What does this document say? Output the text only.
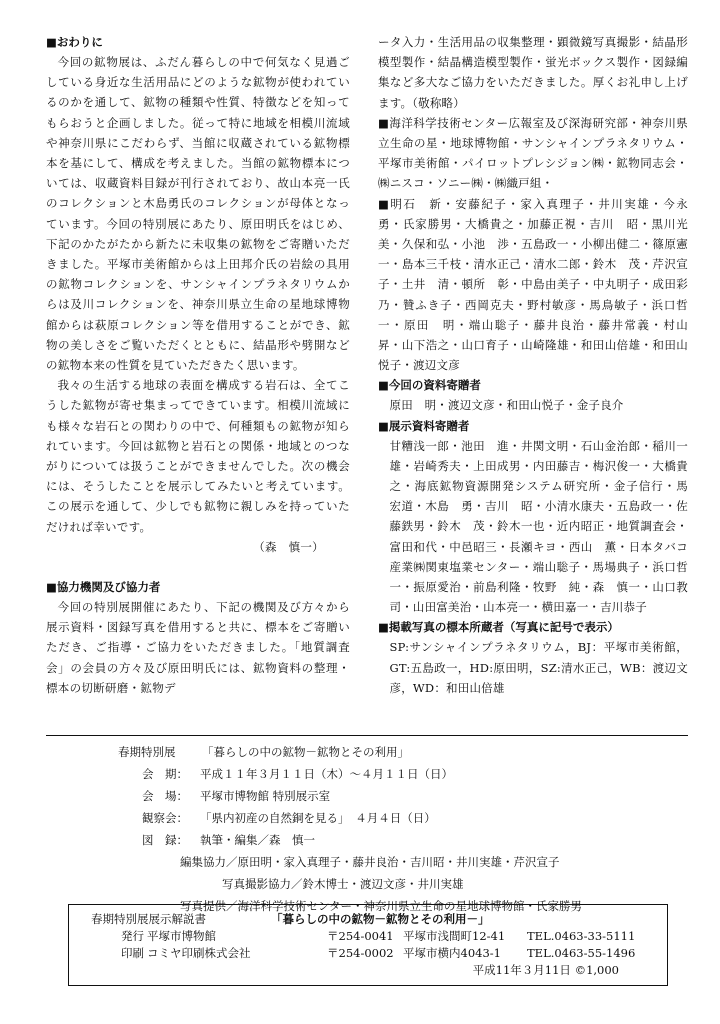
■おわりに

今回の鉱物展は、ふだん暮らしの中で何気なく見過ごしている身近な生活用品にどのような鉱物が使われているのかを通して、鉱物の種類や性質、特徴などを知ってもらおうと企画しました。従って特に地域を相模川流域や神奈川県にこだわらず、当館に収蔵されている鉱物標本を基にして、構成を考えました。当館の鉱物標本については、収蔵資料目録が刊行されており、故山本亮一氏のコレクションと木島勇氏のコレクションが母体となっています。今回の特別展にあたり、原田明氏をはじめ、下記のかたがたから新たに未収集の鉱物をご寄贈いただきました。平塚市美術館からは上田邦介氏の岩絵の具用の鉱物コレクションを、サンシャインプラネタリウムからは及川コレクションを、神奈川県立生命の星地球博物館からは萩原コレクション等を借用することができ、鉱物の美しさをご覧いただくとともに、結晶形や劈開などの鉱物本来の性質を見ていただきたく思います。

我々の生活する地球の表面を構成する岩石は、全てこうした鉱物が寄せ集まってできています。相模川流域にも様々な岩石との関わりの中で、何種類もの鉱物が知られています。今回は鉱物と岩石との関係・地域とのつながりについては扱うことができませんでした。次の機会には、そうしたことを展示してみたいと考えています。この展示を通して、少しでも鉱物に親しみを持っていただければ幸いです。

（森　慎一）

■協力機関及び協力者

今回の特別展開催にあたり、下記の機関及び方々から展示資料・図録写真を借用すると共に、標本をご寄贈いただき、ご指導・ご協力をいただきました。「地質調査会」の会員の方々及び原田明氏には、鉱物資料の整理・標本の切断研磨・鉱物デ

ータ入力・生活用品の収集整理・顕微鏡写真撮影・結晶形模型製作・結晶構造模型製作・蛍光ボックス製作・図録編集など多大なご協力をいただきました。厚くお礼申し上げます。（敬称略）

■海洋科学技術センター広報室及び深海研究部・神奈川県立生命の星・地球博物館・サンシャインプラネタリウム・平塚市美術館・パイロットプレシジョン㈱・鉱物同志会・㈱ニスコ・ソニー㈱・㈱織戸組・

■明石　新・安藤紀子・家入真理子・井川実雄・今永　勇・氏家勝男・大橋貴之・加藤正視・吉川　昭・黒川光美・久保和弘・小池　渉・五島政一・小柳出健二・篠原憲一・島本三千枝・清水正己・清水二郎・鈴木　茂・芹沢宣子・土井　清・頓所　彰・中島由美子・中丸明子・成田彩乃・贊ふき子・西岡克夫・野村敏彦・馬鳥敏子・浜口哲一・原田　明・端山聡子・藤井良治・藤井常義・村山　昇・山下浩之・山口育子・山崎隆雄・和田山倍雄・和田山悦子・渡辺文彦

■今回の資料寄贈者

原田　明・渡辺文彦・和田山悦子・金子良介

■展示資料寄贈者

甘糟浅一郎・池田　進・井関文明・石山金治郎・稲川一雄・岩崎秀夫・上田成男・内田藤吉・梅沢俊一・大橋貴之・海底鉱物資源開発システム研究所・金子信行・馬　宏道・木島　勇・吉川　昭・小清水康夫・五島政一・佐藤鉄男・鈴木　茂・鈴木一也・近内昭正・地質調査会・富田和代・中邑昭三・長瀬キヨ・西山　薫・日本タバコ産業㈱関東塩業センター・端山聡子・馬場典子・浜口哲一・振原愛治・前島利隆・牧野　純・森　慎一・山口教司・山田富美治・山本亮一・横田嘉一・吉川恭子

■掲載写真の標本所蔵者（写真に記号で表示）

SP:サンシャインプラネタリウム，BJ：平塚市美術館，GT:五島政一，HD:原田明，SZ:清水正己，WB：渡辺文彦，WD：和田山倍雄

春期特別展	「暮らしの中の鉱物－鉱物とその利用」
会　期：	平成１１年３月１１日（木）～４月１１日（日）
会　場：	平塚市博物館 特別展示室
観察会：	「県内初産の自然銅を見る」　４月４日（日）
図　録：	執筆・編集／森　慎一
編集協力／原田明・家入真理子・藤井良治・吉川昭・井川実雄・芹沢宣子
写真撮影協力／鈴木博士・渡辺文彦・井川実雄
写真提供／海洋科学技術センター・神奈川県立生命の星地球博物館・氏家勝男
春期特別展展示解説書	「暮らしの中の鉱物－鉱物とその利用－」
発行 平塚市博物館	〒254-0041 平塚市浅間町12-41	TEL.0463-33-5111
印刷 コミヤ印刷株式会社	〒254-0002 平塚市横内4043-1	TEL.0463-55-1496
平成11年３月11日 ©1,000
